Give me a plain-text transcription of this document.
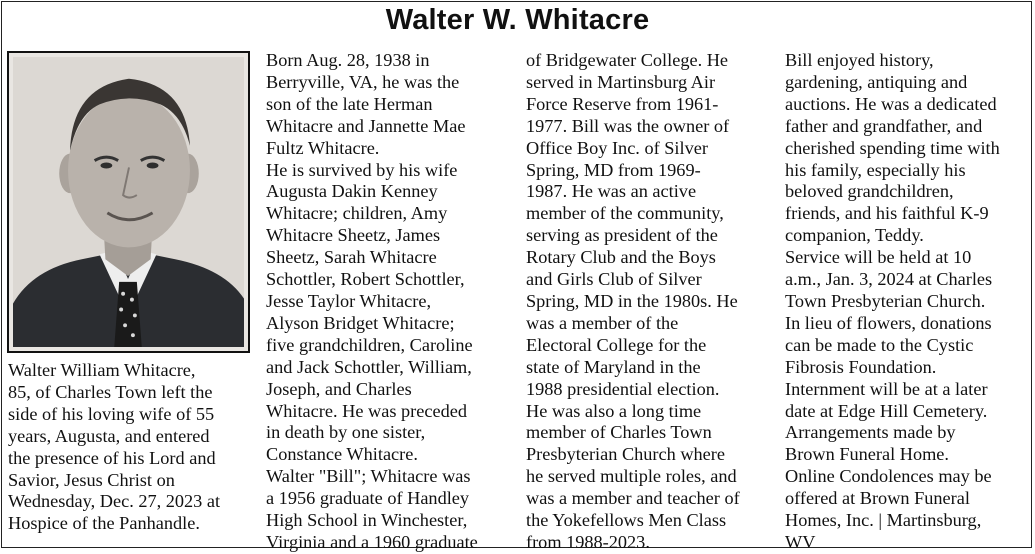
Walter W. Whitacre
Walter William Whitacre,
85, of Charles Town left the
side of his loving wife of 55
years, Augusta, and entered
the presence of his Lord and
Savior, Jesus Christ on
Wednesday, Dec. 27, 2023 at
Hospice of the Panhandle.
Born Aug. 28, 1938 in
Berryville, VA, he was the
son of the late Herman
Whitacre and Jannette Mae
Fultz Whitacre.
He is survived by his wife
Augusta Dakin Kenney
Whitacre; children, Amy
Whitacre Sheetz, James
Sheetz, Sarah Whitacre
Schottler, Robert Schottler,
Jesse Taylor Whitacre,
Alyson Bridget Whitacre;
five grandchildren, Caroline
and Jack Schottler, William,
Joseph, and Charles
Whitacre. He was preceded
in death by one sister,
Constance Whitacre.
Walter "Bill"; Whitacre was
a 1956 graduate of Handley
High School in Winchester,
Virginia and a 1960 graduate
of Bridgewater College. He
served in Martinsburg Air
Force Reserve from 1961-
1977. Bill was the owner of
Office Boy Inc. of Silver
Spring, MD from 1969-
1987. He was an active
member of the community,
serving as president of the
Rotary Club and the Boys
and Girls Club of Silver
Spring, MD in the 1980s. He
was a member of the
Electoral College for the
state of Maryland in the
1988 presidential election.
He was also a long time
member of Charles Town
Presbyterian Church where
he served multiple roles, and
was a member and teacher of
the Yokefellows Men Class
from 1988-2023.
Bill enjoyed history,
gardening, antiquing and
auctions. He was a dedicated
father and grandfather, and
cherished spending time with
his family, especially his
beloved grandchildren,
friends, and his faithful K-9
companion, Teddy.
Service will be held at 10
a.m., Jan. 3, 2024 at Charles
Town Presbyterian Church.
In lieu of flowers, donations
can be made to the Cystic
Fibrosis Foundation.
Internment will be at a later
date at Edge Hill Cemetery.
Arrangements made by
Brown Funeral Home.
Online Condolences may be
offered at Brown Funeral
Homes, Inc. | Martinsburg,
WV
